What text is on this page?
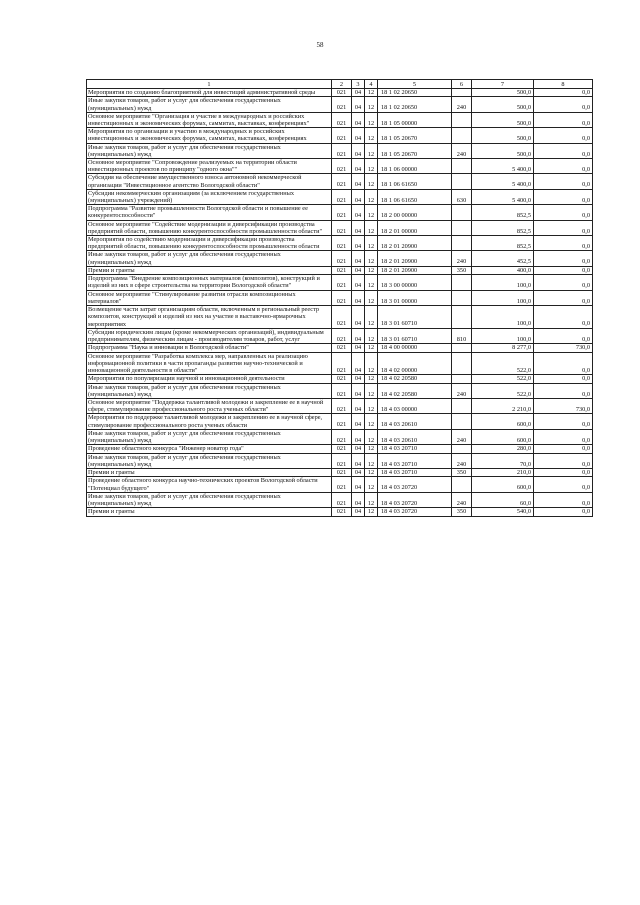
58
1	2	3	4	5	6	7	8
Мероприятия по созданию благоприятной для инвестиций административной среды	021	04	12	18 1 02 20650		500,0	0,0
Иные закупки товаров, работ и услуг для обеспечения государственных (муниципальных) нужд	021	04	12	18 1 02 20650	240	500,0	0,0
Основное мероприятие "Организация и участие в международных и российских инвестиционных и экономических форумах, саммитах, выставках, конференциях"	021	04	12	18 1 05 00000		500,0	0,0
Мероприятия по организации и участию в международных и российских инвестиционных и экономических форумах, саммитах, выставках, конференциях	021	04	12	18 1 05 20670		500,0	0,0
Иные закупки товаров, работ и услуг для обеспечения государственных (муниципальных) нужд	021	04	12	18 1 05 20670	240	500,0	0,0
Основное мероприятие "Сопровождение реализуемых на территории области инвестиционных проектов по принципу "одного окна""	021	04	12	18 1 06 00000		5 400,0	0,0
Субсидия на обеспечение имущественного взноса автономной некоммерческой организации "Инвестиционное агентство Вологодской области"	021	04	12	18 1 06 61650		5 400,0	0,0
Субсидии некоммерческим организациям (за исключением государственных (муниципальных) учреждений)	021	04	12	18 1 06 61650	630	5 400,0	0,0
Подпрограмма "Развитие промышленности Вологодской области и повышение ее конкурентоспособности"	021	04	12	18 2 00 00000		852,5	0,0
Основное мероприятие "Содействие модернизации и диверсификации производства предприятий области, повышению конкурентоспособности промышленности области"	021	04	12	18 2 01 00000		852,5	0,0
Мероприятия по содействию модернизации и диверсификации производства предприятий области, повышению конкурентоспособности промышленности области	021	04	12	18 2 01 20900		852,5	0,0
Иные закупки товаров, работ и услуг для обеспечения государственных (муниципальных) нужд	021	04	12	18 2 01 20900	240	452,5	0,0
Премии и гранты	021	04	12	18 2 01 20900	350	400,0	0,0
Подпрограмма "Внедрение композиционных материалов (композитов), конструкций и изделий из них в сфере строительства на территории Вологодской области"	021	04	12	18 3 00 00000		100,0	0,0
Основное мероприятие "Стимулирование развития отрасли композиционных материалов"	021	04	12	18 3 01 00000		100,0	0,0
Возмещение части затрат организациям области, включенным в региональный реестр композитов, конструкций и изделий из них на участие в выставочно-ярмарочных мероприятиях	021	04	12	18 3 01 60710		100,0	0,0
Субсидии юридическим лицам (кроме некоммерческих организаций), индивидуальным предпринимателям, физическим лицам - производителям товаров, работ, услуг	021	04	12	18 3 01 60710	810	100,0	0,0
Подпрограмма "Наука и инновации в Вологодской области"	021	04	12	18 4 00 00000		8 277,0	730,0
Основное мероприятие "Разработка комплекса мер, направленных на реализацию информационной политики в части пропаганды развития научно-технической и инновационной деятельности в области"	021	04	12	18 4 02 00000		522,0	0,0
Мероприятия по популяризации научной и инновационной деятельности	021	04	12	18 4 02 20580		522,0	0,0
Иные закупки товаров, работ и услуг для обеспечения государственных (муниципальных) нужд	021	04	12	18 4 02 20580	240	522,0	0,0
Основное мероприятие "Поддержка талантливой молодежи и закрепление ее в научной сфере, стимулирование профессионального роста ученых области"	021	04	12	18 4 03 00000		2 210,0	730,0
Мероприятия по поддержке талантливой молодежи и закреплению ее в научной сфере, стимулирование профессионального роста ученых области	021	04	12	18 4 03 20610		600,0	0,0
Иные закупки товаров, работ и услуг для обеспечения государственных (муниципальных) нужд	021	04	12	18 4 03 20610	240	600,0	0,0
Проведение областного конкурса "Инженер новатор года"	021	04	12	18 4 03 20710		280,0	0,0
Иные закупки товаров, работ и услуг для обеспечения государственных (муниципальных) нужд	021	04	12	18 4 03 20710	240	70,0	0,0
Премии и гранты	021	04	12	18 4 03 20710	350	210,0	0,0
Проведение областного конкурса научно-технических проектов Вологодской области "Потенциал будущего"	021	04	12	18 4 03 20720		600,0	0,0
Иные закупки товаров, работ и услуг для обеспечения государственных (муниципальных) нужд	021	04	12	18 4 03 20720	240	60,0	0,0
Премии и гранты	021	04	12	18 4 03 20720	350	540,0	0,0
